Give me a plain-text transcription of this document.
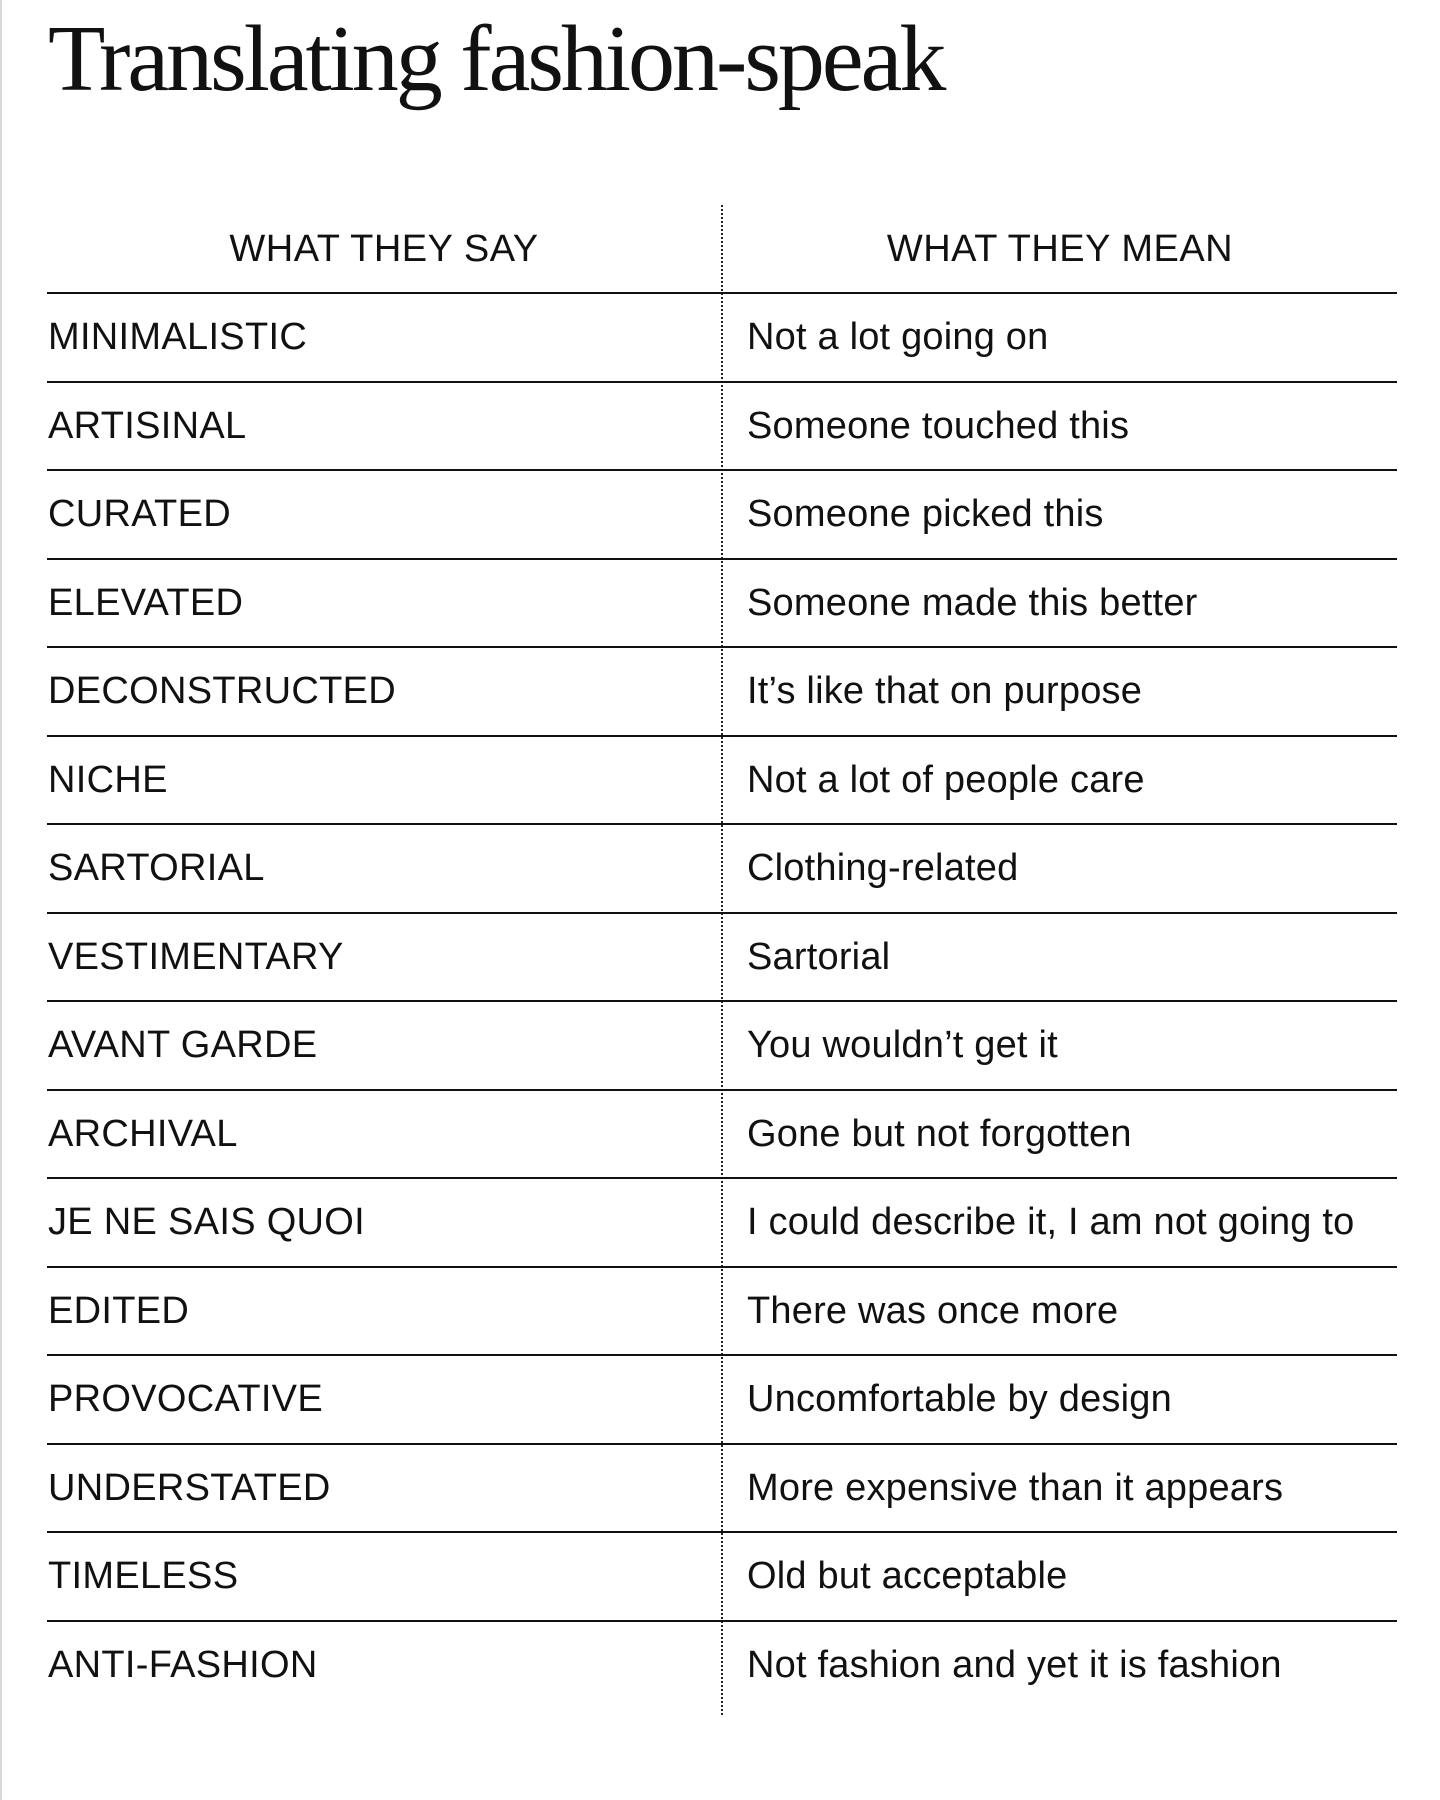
Translating fashion-speak
WHAT THEY SAY	WHAT THEY MEAN
MINIMALISTIC	Not a lot going on
ARTISINAL	Someone touched this
CURATED	Someone picked this
ELEVATED	Someone made this better
DECONSTRUCTED	It’s like that on purpose
NICHE	Not a lot of people care
SARTORIAL	Clothing-related
VESTIMENTARY	Sartorial
AVANT GARDE	You wouldn’t get it
ARCHIVAL	Gone but not forgotten
JE NE SAIS QUOI	I could describe it, I am not going to
EDITED	There was once more
PROVOCATIVE	Uncomfortable by design
UNDERSTATED	More expensive than it appears
TIMELESS	Old but acceptable
ANTI-FASHION	Not fashion and yet it is fashion
